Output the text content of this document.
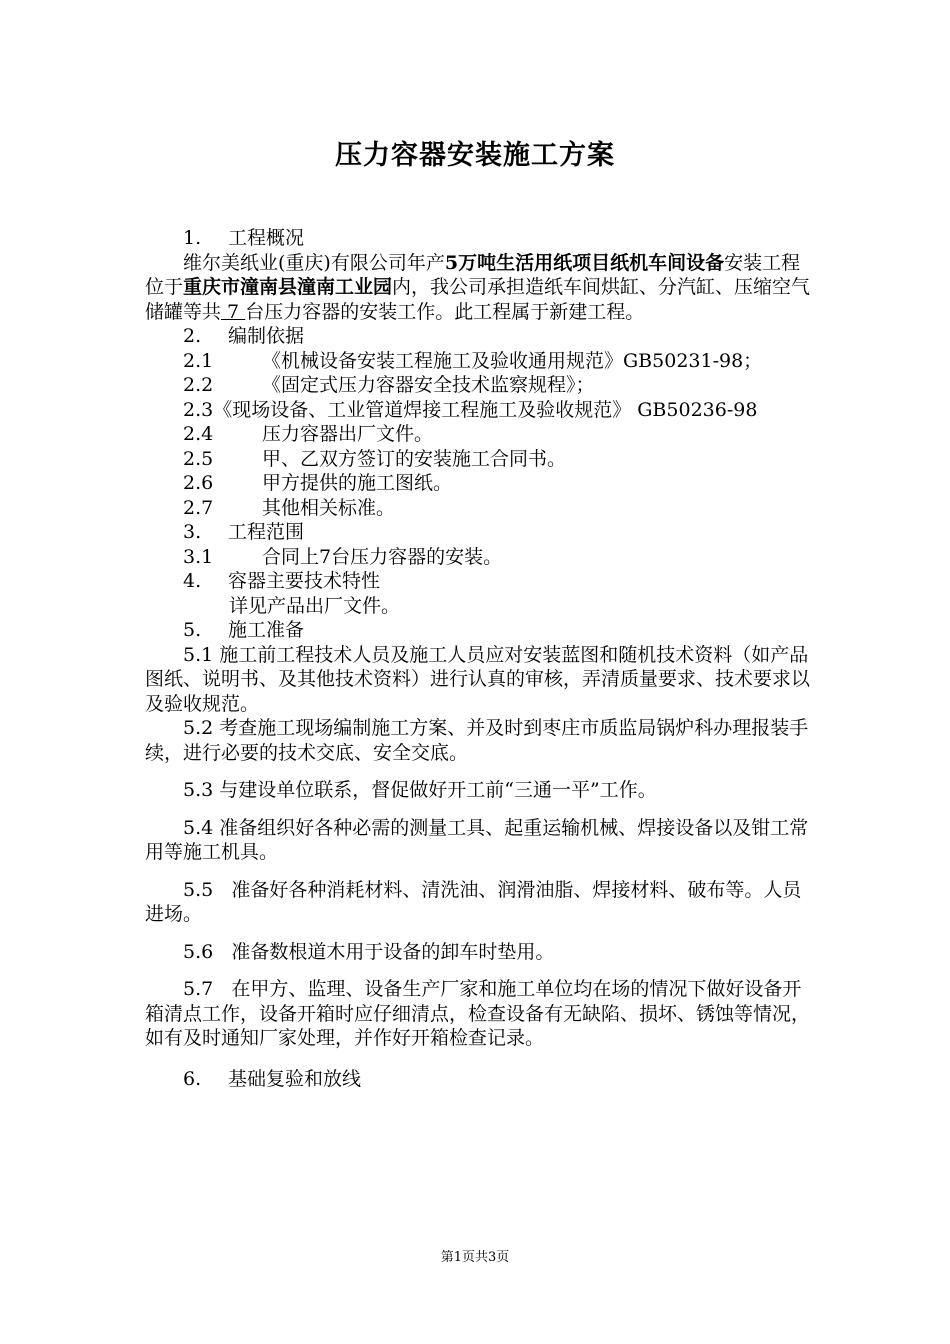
压力容器安装施工方案

1. 工程概况

维尔美纸业(重庆)有限公司年产5万吨生活用纸项目纸机车间设备安装工程位于重庆市潼南县潼南工业园内，我公司承担造纸车间烘缸、分汽缸、压缩空气储罐等共 7 台压力容器的安装工作。此工程属于新建工程。

2. 编制依据

2.1	《机械设备安装工程施工及验收通用规范》GB50231-98；

2.2	《固定式压力容器安全技术监察规程》；

2.3《现场设备、工业管道焊接工程施工及验收规范》 GB50236-98

2.4	压力容器出厂文件。

2.5	甲、乙双方签订的安装施工合同书。

2.6	甲方提供的施工图纸。

2.7	其他相关标准。

3. 工程范围

3.1	合同上7台压力容器的安装。

4. 容器主要技术特性

详见产品出厂文件。

5. 施工准备

5.1 施工前工程技术人员及施工人员应对安装蓝图和随机技术资料（如产品图纸、说明书、及其他技术资料）进行认真的审核，弄清质量要求、技术要求以及验收规范。

5.2 考查施工现场编制施工方案、并及时到枣庄市质监局锅炉科办理报装手续，进行必要的技术交底、安全交底。

5.3 与建设单位联系，督促做好开工前“三通一平”工作。

5.4 准备组织好各种必需的测量工具、起重运输机械、焊接设备以及钳工常用等施工机具。

5.5 准备好各种消耗材料、清洗油、润滑油脂、焊接材料、破布等。人员进场。

5.6 准备数根道木用于设备的卸车时垫用。

5.7 在甲方、监理、设备生产厂家和施工单位均在场的情况下做好设备开箱清点工作，设备开箱时应仔细清点，检查设备有无缺陷、损坏、锈蚀等情况，如有及时通知厂家处理，并作好开箱检查记录。

6. 基础复验和放线

第1页共3页
